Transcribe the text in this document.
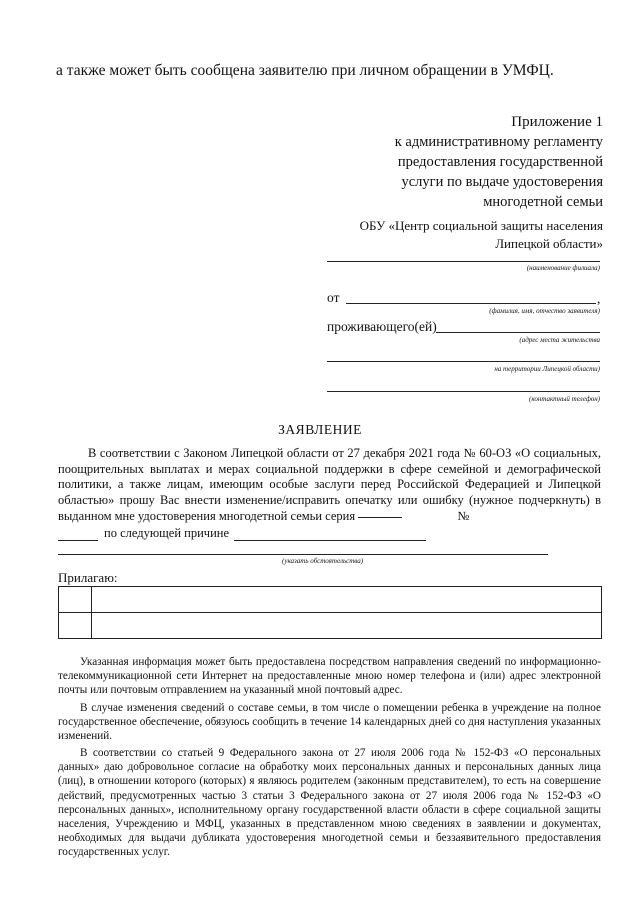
а также может быть сообщена заявителю при личном обращении в УМФЦ.
Приложение 1
к административному регламенту
предоставления государственной
услуги по выдаче удостоверения
многодетной семьи
ОБУ «Центр социальной защиты населения
Липецкой области»
(наименование филиала)
от	,
(фамилия, имя, отчество заявителя)
проживающего(ей)
(адрес места жительства
на территории Липецкой области)
(контактный телефон)
ЗАЯВЛЕНИЕ
В соответствии с Законом Липецкой области от 27 декабря 2021 года № 60-ОЗ «О социальных, поощрительных выплатах и мерах социальной поддержки в сфере семейной и демографической политики, а также лицам, имеющим особые заслуги перед Российской Федерацией и Липецкой областью» прошу Вас внести изменение/исправить опечатку или ошибку (нужное подчеркнуть) в выданном мне удостоверения многодетной семьи серия	№
по следующей причине
(указать обстоятельства)
Прилагаю:

Указанная информация может быть предоставлена посредством направления сведений по информационно-телекоммуникационной сети Интернет на предоставленные мною номер телефона и (или) адрес электронной почты или почтовым отправлением на указанный мной почтовый адрес.
В случае изменения сведений о составе семьи, в том числе о помещении ребенка в учреждение на полное государственное обеспечение, обязуюсь сообщить в течение 14 календарных дней со дня наступления указанных изменений.
В соответствии со статьей 9 Федерального закона от 27 июля 2006 года № 152-ФЗ «О персональных данных» даю добровольное согласие на обработку моих персональных данных и персональных данных лица (лиц), в отношении которого (которых) я являюсь родителем (законным представителем), то есть на совершение действий, предусмотренных частью 3 статьи 3 Федерального закона от 27 июля 2006 года № 152-ФЗ «О персональных данных», исполнительному органу государственной власти области в сфере социальной защиты населения, Учреждению и МФЦ, указанных в представленном мною сведениях в заявлении и документах, необходимых для выдачи дубликата удостоверения многодетной семьи и беззаявительного предоставления государственных услуг.
